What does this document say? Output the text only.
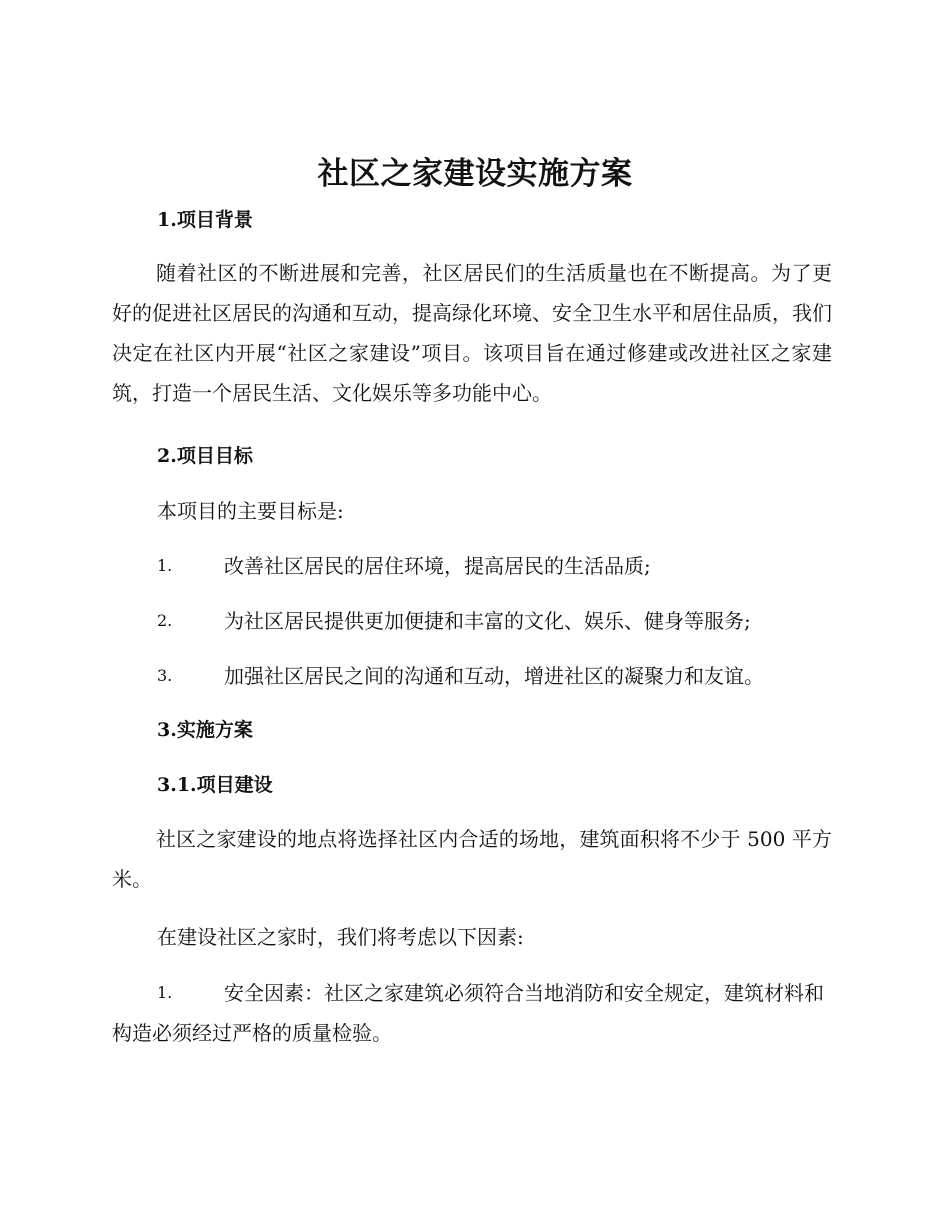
社区之家建设实施方案
1.项目背景

随着社区的不断进展和完善，社区居民们的生活质量也在不断提高。为了更好的促进社区居民的沟通和互动，提高绿化环境、安全卫生水平和居住品质，我们决定在社区内开展“社区之家建设”项目。该项目旨在通过修建或改进社区之家建筑，打造一个居民生活、文化娱乐等多功能中心。

2.项目目标

本项目的主要目标是:

1.	改善社区居民的居住环境，提高居民的生活品质;
2.	为社区居民提供更加便捷和丰富的文化、娱乐、健身等服务;
3.	加强社区居民之间的沟通和互动，增进社区的凝聚力和友谊。
3.实施方案
3.1.项目建设

社区之家建设的地点将选择社区内合适的场地，建筑面积将不少于 500 平方米。

在建设社区之家时，我们将考虑以下因素:

1.	安全因素：社区之家建筑必须符合当地消防和安全规定，建筑材料和构造必须经过严格的质量检验。
